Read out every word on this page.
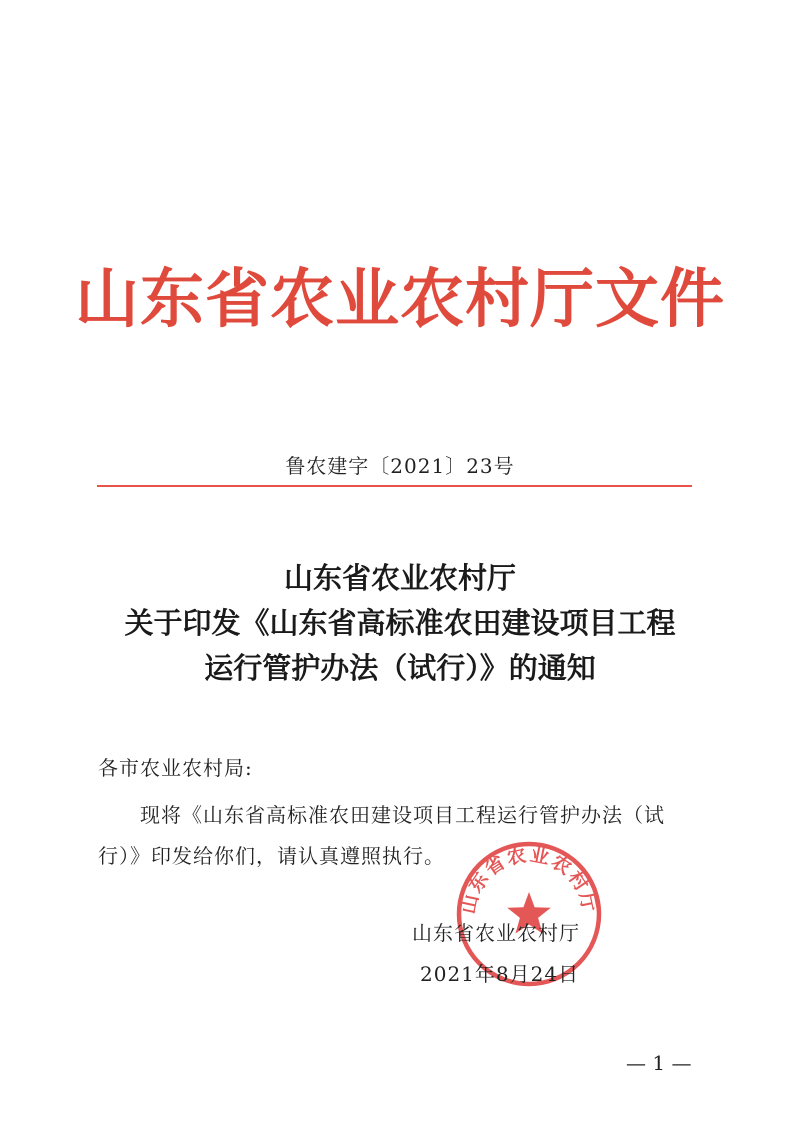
山东省农业农村厅文件
鲁农建字〔2021〕23号
山东省农业农村厅
关于印发《山东省高标准农田建设项目工程
运行管护办法（试行）》的通知
各市农业农村局:
现将《山东省高标准农田建设项目工程运行管护办法（试
行）》印发给你们，请认真遵照执行。
山东省农业农村厅
山东省农业农村厅
2021年8月24日
— 1 —
